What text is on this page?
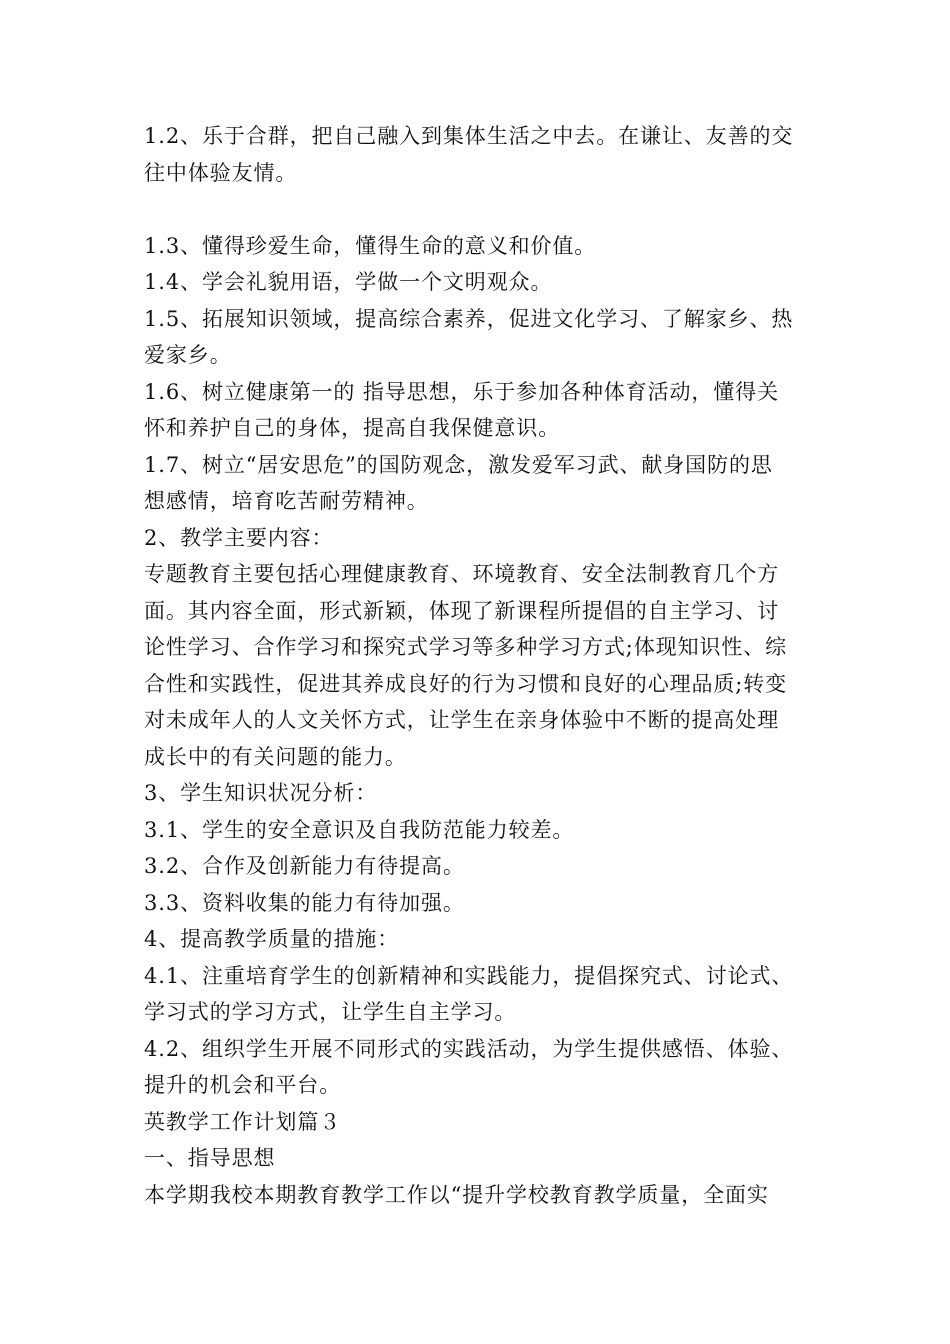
1.2、乐于合群，把自己融入到集体生活之中去。在谦让、友善的交
往中体验友情。
1.3、懂得珍爱生命，懂得生命的意义和价值。
1.4、学会礼貌用语，学做一个文明观众。
1.5、拓展知识领域，提高综合素养，促进文化学习、了解家乡、热
爱家乡。
1.6、树立健康第一的 指导思想，乐于参加各种体育活动，懂得关
怀和养护自己的身体，提高自我保健意识。
1.7、树立“居安思危”的国防观念，激发爱军习武、献身国防的思
想感情，培育吃苦耐劳精神。
2、教学主要内容：
专题教育主要包括心理健康教育、环境教育、安全法制教育几个方
面。其内容全面，形式新颖，体现了新课程所提倡的自主学习、讨
论性学习、合作学习和探究式学习等多种学习方式;体现知识性、综
合性和实践性，促进其养成良好的行为习惯和良好的心理品质;转变
对未成年人的人文关怀方式，让学生在亲身体验中不断的提高处理
成长中的有关问题的能力。
3、学生知识状况分析：
3.1、学生的安全意识及自我防范能力较差。
3.2、合作及创新能力有待提高。
3.3、资料收集的能力有待加强。
4、提高教学质量的措施：
4.1、注重培育学生的创新精神和实践能力，提倡探究式、讨论式、
学习式的学习方式，让学生自主学习。
4.2、组织学生开展不同形式的实践活动，为学生提供感悟、体验、
提升的机会和平台。
英教学工作计划篇３
一、指导思想
本学期我校本期教育教学工作以“提升学校教育教学质量，全面实
